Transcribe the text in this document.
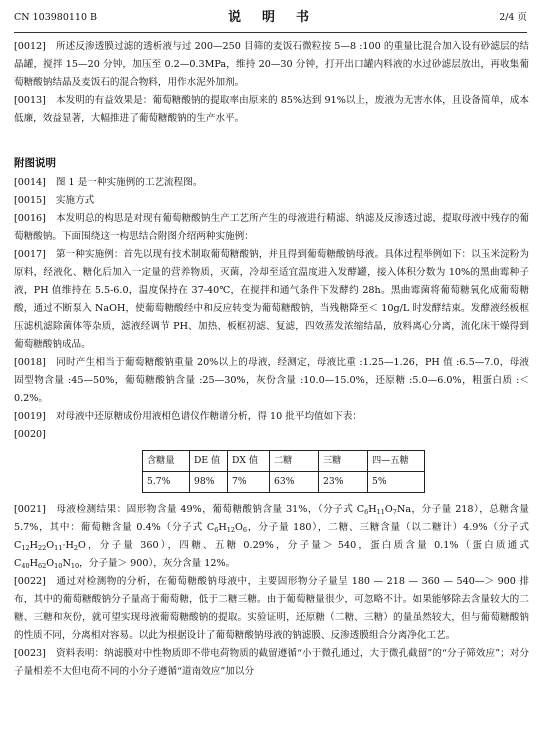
CN 103980110 B	说　明　书	2/4 页

[0012] 所述反渗透膜过滤的透析液与过 200—250 目筛的麦饭石微粒按 5—8 :100 的重量比混合加入设有砂滤层的结晶罐，搅拌 15—20 分钟，加压至 0.2—0.3MPa，维持 20—30 分钟，打开出口罐内料液的水过砂滤层放出，再收集葡萄糖酸钠结晶及麦饭石的混合物料，用作水泥外加剂。

[0013] 本发明的有益效果是：葡萄糖酸钠的提取率由原来的 85%达到 91%以上，废液为无害水体，且设备简单，成本低廉，效益显著，大幅推进了葡萄糖酸钠的生产水平。

附图说明

[0014] 图 1 是一种实施例的工艺流程图。

[0015] 实施方式

[0016] 本发明总的构思是对现有葡萄糖酸钠生产工艺所产生的母液进行精滤、纳滤及反渗透过滤，提取母液中残存的葡萄糖酸钠。下面围绕这一构思结合附图介绍两种实施例：

[0017] 第一种实施例：首先以现有技术制取葡萄糖酸钠，并且得到葡萄糖酸钠母液。具体过程举例如下：以玉米淀粉为原料，经液化、糖化后加入一定量的营养物质，灭菌，冷却至适宜温度进入发酵罐，接入体积分数为 10%的黑曲霉种子液，PH 值维持在 5.5-6.0，温度保持在 37-40℃，在搅拌和通气条件下发酵约 28h。黑曲霉菌将葡萄糖氧化成葡萄糖酸，通过不断泵入 NaOH，使葡萄糖酸经中和反应转变为葡萄糖酸钠，当残糖降至＜ 10g/L 时发酵结束。发酵液经板框压滤机滤除菌体等杂质，滤液经调节 PH、加热、板框初滤、复滤，四效蒸发浓缩结晶，放料离心分离，流化床干燥得到葡萄糖酸钠成品。

[0018] 同时产生相当于葡萄糖酸钠重量 20%以上的母液，经测定，母液比重 :1.25—1.26，PH 值 :6.5—7.0，母液固型物含量 :45—50%，葡萄糖酸钠含量 :25—30%，灰份含量 :10.0—15.0%，还原糖 :5.0—6.0%，粗蛋白质 :＜ 0.2%。

[0019] 对母液中还原糖成份用液相色谱仪作糖谱分析，得 10 批平均值如下表：

[0020]

含糖量	DE 值	DX 值	二糖	三糖	四—五糖
5.7%	98%	7%	63%	23%	5%

[0021] 母液检测结果：固形物含量 49%，葡萄糖酸钠含量 31%，（分子式 $C_6H_{11}O_7Na$，分子量 218），总糖含量 5.7%，其中：葡萄糖含量 0.4%（分子式 $C_6H_{12}O_6$，分子量 180），二糖、三糖含量（以二糖计）4.9%（分子式 $C_{12}H_{22}O_{11}\cdot H_2O$，分子量 360），四糖、五糖 0.29%，分子量＞ 540，蛋白质含量 0.1%（蛋白质通式 $C_{40}H_{62}O_{10}N_{10}$，分子量＞ 900），灰分含量 12%。

[0022] 通过对检测物的分析，在葡萄糖酸钠母液中，主要固形物分子量呈 180 — 218 — 360 — 540—＞ 900 排布，其中的葡萄糖酸钠分子量高于葡萄糖，低于二糖三糖。由于葡萄糖量很少，可忽略不计。如果能够除去含量较大的二糖、三糖和灰份，就可望实现母液葡萄糖酸钠的提取。实验证明，还原糖（二糖、三糖）的量虽然较大，但与葡萄糖酸钠的性质不同，分离相对容易。以此为根据设计了葡萄糖酸钠母液的钠滤膜、反渗透膜组合分离净化工艺。

[0023] 资料表明：纳滤膜对中性物质即不带电荷物质的截留遵循“小于微孔通过，大于微孔截留”的“分子筛效应”；对分子量相差不大但电荷不同的小分子遵循“道南效应”加以分
